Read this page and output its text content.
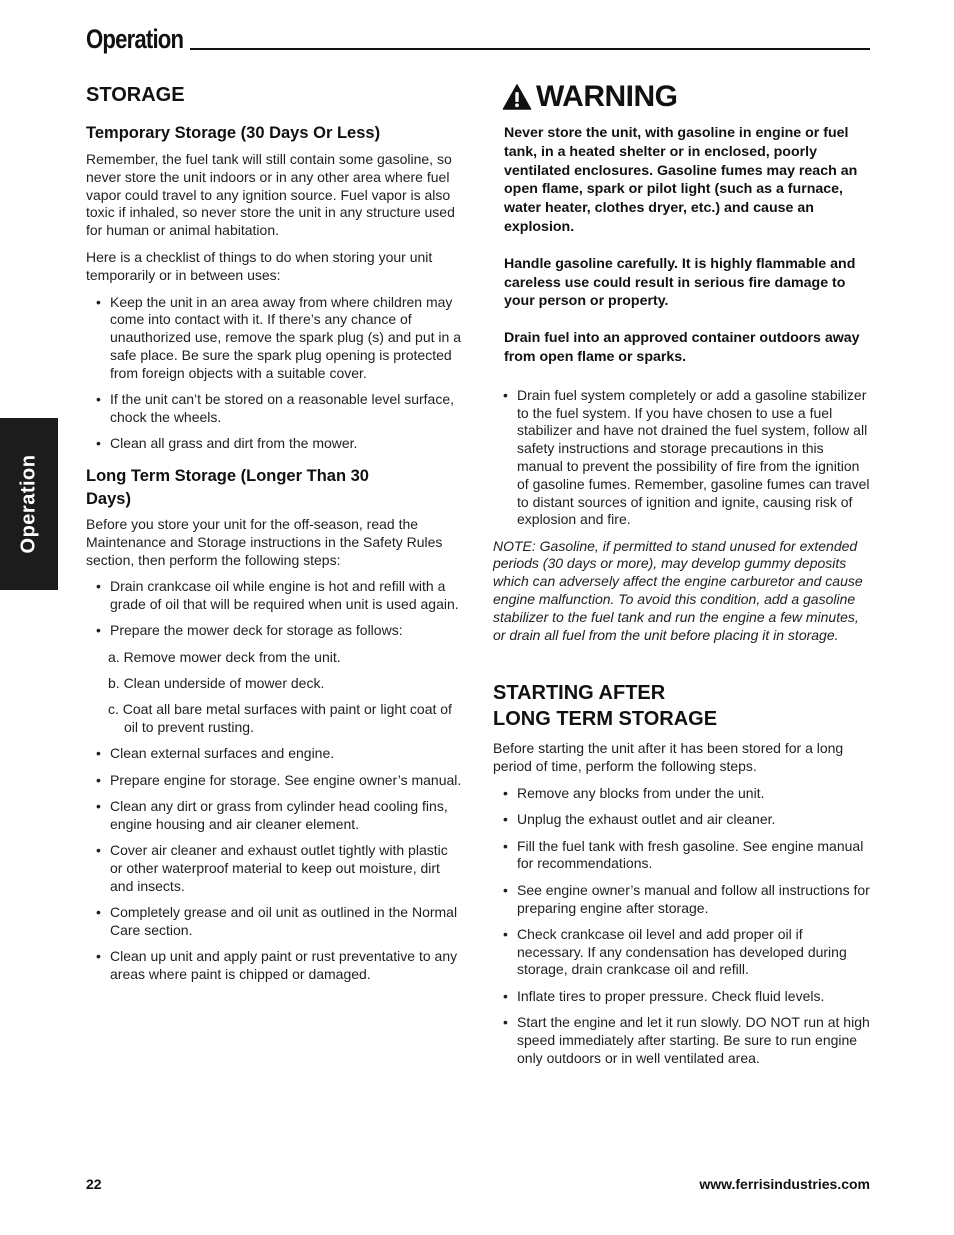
Operation
Operation
STORAGE
Temporary Storage (30 Days Or Less)

Remember, the fuel tank will still contain some gasoline, so never store the unit indoors or in any other area where fuel vapor could travel to any ignition source. Fuel vapor is also toxic if inhaled, so never store the unit in any structure used for human or animal habitation.

Here is a checklist of things to do when storing your unit temporarily or in between uses:

• Keep the unit in an area away from where children may come into contact with it. If there’s any chance of unauthorized use, remove the spark plug (s) and put in a safe place. Be sure the spark plug opening is protected from foreign objects with a suitable cover.
• If the unit can’t be stored on a reasonable level surface, chock the wheels.
• Clean all grass and dirt from the mower.
Long Term Storage (Longer Than 30 Days)

Before you store your unit for the off-season, read the Maintenance and Storage instructions in the Safety Rules section, then perform the following steps:

• Drain crankcase oil while engine is hot and refill with a grade of oil that will be required when unit is used again.
• Prepare the mower deck for storage as follows:
a. Remove mower deck from the unit.
b. Clean underside of mower deck.
c. Coat all bare metal surfaces with paint or light coat of oil to prevent rusting.
• Clean external surfaces and engine.
• Prepare engine for storage. See engine owner’s manual.
• Clean any dirt or grass from cylinder head cooling fins, engine housing and air cleaner element.
• Cover air cleaner and exhaust outlet tightly with plastic or other waterproof material to keep out moisture, dirt and insects.
• Completely grease and oil unit as outlined in the Normal Care section.
• Clean up unit and apply paint or rust preventative to any areas where paint is chipped or damaged.
WARNING

Never store the unit, with gasoline in engine or fuel tank, in a heated shelter or in enclosed, poorly ventilated enclosures. Gasoline fumes may reach an open flame, spark or pilot light (such as a furnace, water heater, clothes dryer, etc.) and cause an explosion.

Handle gasoline carefully. It is highly flammable and careless use could result in serious fire damage to your person or property.

Drain fuel into an approved container outdoors away from open flame or sparks.

• Drain fuel system completely or add a gasoline stabilizer to the fuel system. If you have chosen to use a fuel stabilizer and have not drained the fuel system, follow all safety instructions and storage precautions in this manual to prevent the possibility of fire from the ignition of gasoline fumes. Remember, gasoline fumes can travel to distant sources of ignition and ignite, causing risk of explosion and fire.

NOTE: Gasoline, if permitted to stand unused for extended periods (30 days or more), may develop gummy deposits which can adversely affect the engine carburetor and cause engine malfunction. To avoid this condition, add a gasoline stabilizer to the fuel tank and run the engine a few minutes, or drain all fuel from the unit before placing it in storage.

STARTING AFTER
LONG TERM STORAGE

Before starting the unit after it has been stored for a long period of time, perform the following steps.

• Remove any blocks from under the unit.
• Unplug the exhaust outlet and air cleaner.
• Fill the fuel tank with fresh gasoline. See engine manual for recommendations.
• See engine owner’s manual and follow all instructions for preparing engine after storage.
• Check crankcase oil level and add proper oil if necessary. If any condensation has developed during storage, drain crankcase oil and refill.
• Inflate tires to proper pressure. Check fluid levels.
• Start the engine and let it run slowly. DO NOT run at high speed immediately after starting. Be sure to run engine only outdoors or in well ventilated area.
22	www.ferrisindustries.com
